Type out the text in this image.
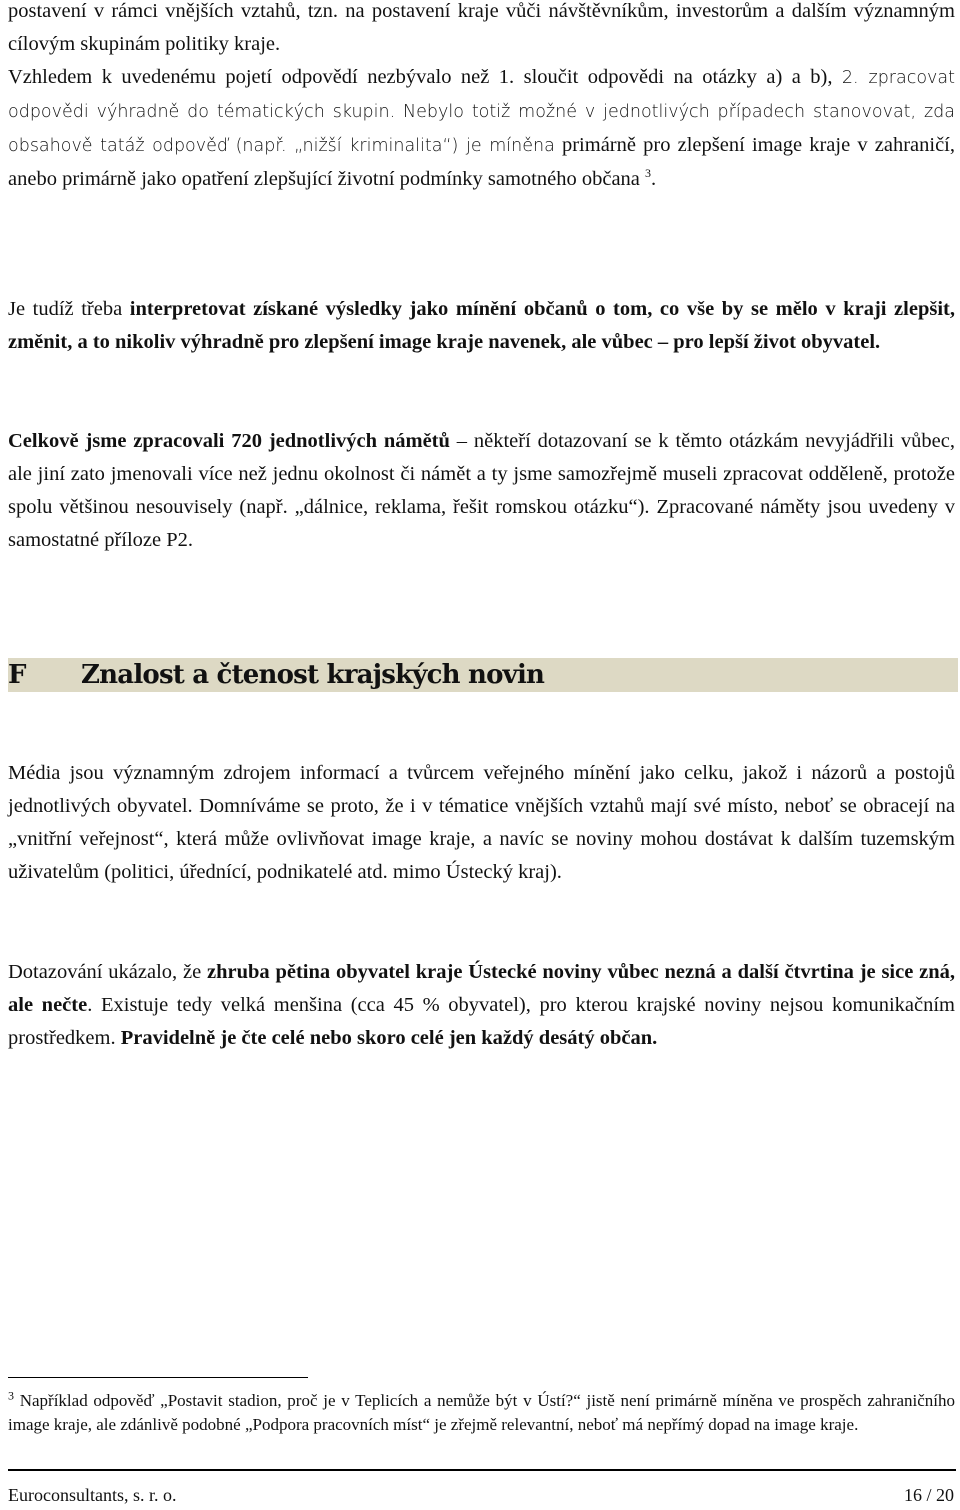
postavení v rámci vnějších vztahů, tzn. na postavení kraje vůči návštěvníkům, investorům a dalším významným cílovým skupinám politiky kraje.
Vzhledem k uvedenému pojetí odpovědí nezbývalo než 1. sloučit odpovědi na otázky a) a b), 2. zpracovat odpovědi výhradně do tématických skupin. Nebylo totiž možné v jednotlivých případech stanovovat, zda obsahově tatáž odpověď (např. „nižší kriminalita“) je míněna primárně pro zlepšení image kraje v zahraničí, anebo primárně jako opatření zlepšující životní podmínky samotného občana $^3$.
Je tudíž třeba interpretovat získané výsledky jako mínění občanů o tom, co vše by se mělo v kraji zlepšit, změnit, a to nikoliv výhradně pro zlepšení image kraje navenek, ale vůbec – pro lepší život obyvatel.
Celkově jsme zpracovali 720 jednotlivých námětů – někteří dotazovaní se k těmto otázkám nevyjádřili vůbec, ale jiní zato jmenovali více než jednu okolnost či námět a ty jsme samozřejmě museli zpracovat odděleně, protože spolu většinou nesouvisely (např. „dálnice, reklama, řešit romskou otázku“). Zpracované náměty jsou uvedeny v samostatné příloze P2.
F Znalost a čtenost krajských novin
Média jsou významným zdrojem informací a tvůrcem veřejného mínění jako celku, jakož i názorů a postojů jednotlivých obyvatel. Domníváme se proto, že i v tématice vnějších vztahů mají své místo, neboť se obracejí na „vnitřní veřejnost“, která může ovlivňovat image kraje, a navíc se noviny mohou dostávat k dalším tuzemským uživatelům (politici, úřednící, podnikatelé atd. mimo Ústecký kraj).
Dotazování ukázalo, že zhruba pětina obyvatel kraje Ústecké noviny vůbec nezná a další čtvrtina je sice zná, ale nečte. Existuje tedy velká menšina (cca 45 % obyvatel), pro kterou krajské noviny nejsou komunikačním prostředkem. Pravidelně je čte celé nebo skoro celé jen každý desátý občan.
$^3$ Například odpověď „Postavit stadion, proč je v Teplicích a nemůže být v Ústí?“ jistě není primárně míněna ve prospěch zahraničního image kraje, ale zdánlivě podobné „Podpora pracovních míst“ je zřejmě relevantní, neboť má nepřímý dopad na image kraje.
Euroconsultants, s. r. o.	16 / 20
